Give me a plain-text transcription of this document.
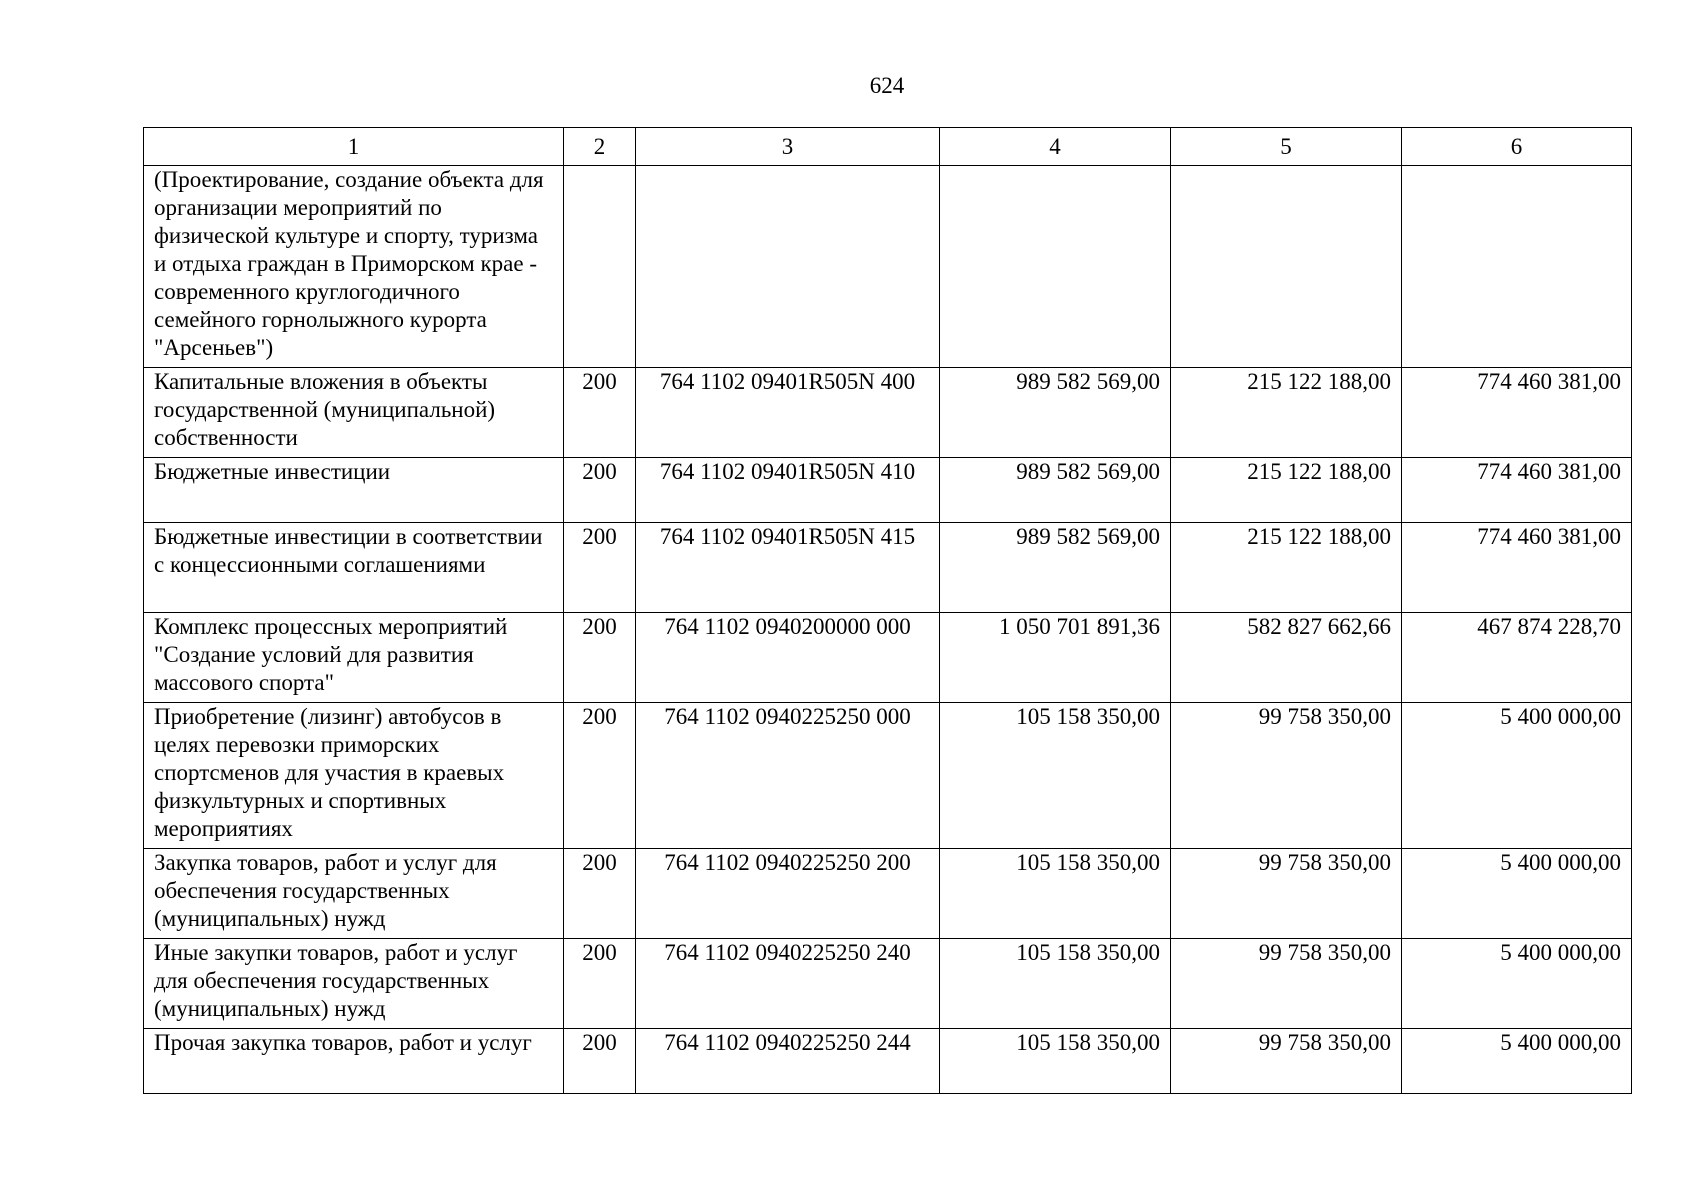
624
1	2	3	4	5	6
(Проектирование, создание объекта для организации мероприятий по физической культуре и спорту, туризма и отдыха граждан в Приморском крае - современного круглогодичного семейного горнолыжного курорта "Арсеньев")					
Капитальные вложения в объекты государственной (муниципальной) собственности	200	764 1102 09401R505N 400	989 582 569,00	215 122 188,00	774 460 381,00
Бюджетные инвестиции	200	764 1102 09401R505N 410	989 582 569,00	215 122 188,00	774 460 381,00
Бюджетные инвестиции в соответствии с концессионными соглашениями	200	764 1102 09401R505N 415	989 582 569,00	215 122 188,00	774 460 381,00
Комплекс процессных мероприятий "Создание условий для развития массового спорта"	200	764 1102 0940200000 000	1 050 701 891,36	582 827 662,66	467 874 228,70
Приобретение (лизинг) автобусов в целях перевозки приморских спортсменов для участия в краевых физкультурных и спортивных мероприятиях	200	764 1102 0940225250 000	105 158 350,00	99 758 350,00	5 400 000,00
Закупка товаров, работ и услуг для обеспечения государственных (муниципальных) нужд	200	764 1102 0940225250 200	105 158 350,00	99 758 350,00	5 400 000,00
Иные закупки товаров, работ и услуг для обеспечения государственных (муниципальных) нужд	200	764 1102 0940225250 240	105 158 350,00	99 758 350,00	5 400 000,00
Прочая закупка товаров, работ и услуг	200	764 1102 0940225250 244	105 158 350,00	99 758 350,00	5 400 000,00
